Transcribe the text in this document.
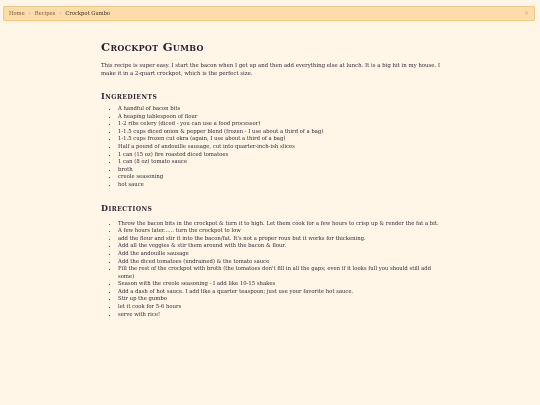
Home › Recipes › Crockpot Gumbo	×
Crockpot Gumbo

This recipe is super easy. I start the bacon when I get up and then add everything else at lunch. It is a big hit in my house. I make it in a 2-quart crockpot, which is the perfect size.

Ingredients
• A handful of bacon bits
• A heaping tablespoon of flour
• 1-2 ribs celery (diced - you can use a food processor)
• 1-1.5 cups diced onion & pepper blend (frozen - I use about a third of a bag)
• 1-1.5 cups frozen cut okra (again, I use about a third of a bag)
• Half a pound of andouille sausage, cut into quarter-inch-ish slices
• 1 can (15 oz) fire roasted diced tomatoes
• 1 can (8 oz) tomato sauce
• broth
• creole seasoning
• hot sauce
Directions
• Throw the bacon bits in the crockpot & turn it to high. Let them cook for a few hours to crisp up & render the fat a bit.
• A few hours later...... turn the crockpot to low
• add the flour and stir it into the bacon/fat. It's not a proper roux but it works for thickening.
• Add all the veggies & stir them around with the bacon & flour.
• Add the andouille sausage
• Add the diced tomatoes (undrained) & the tomato sauce
• Fill the rest of the crockpot with broth (the tomatoes don't fill in all the gaps; even if it looks full you should still add some)
• Season with the creole seasoning - I add like 10-15 shakes
• Add a dash of hot sauce. I add like a quarter teaspoon; just use your favorite hot sauce.
• Stir up the gumbo
• let it cook for 5-6 hours
• serve with rice!
